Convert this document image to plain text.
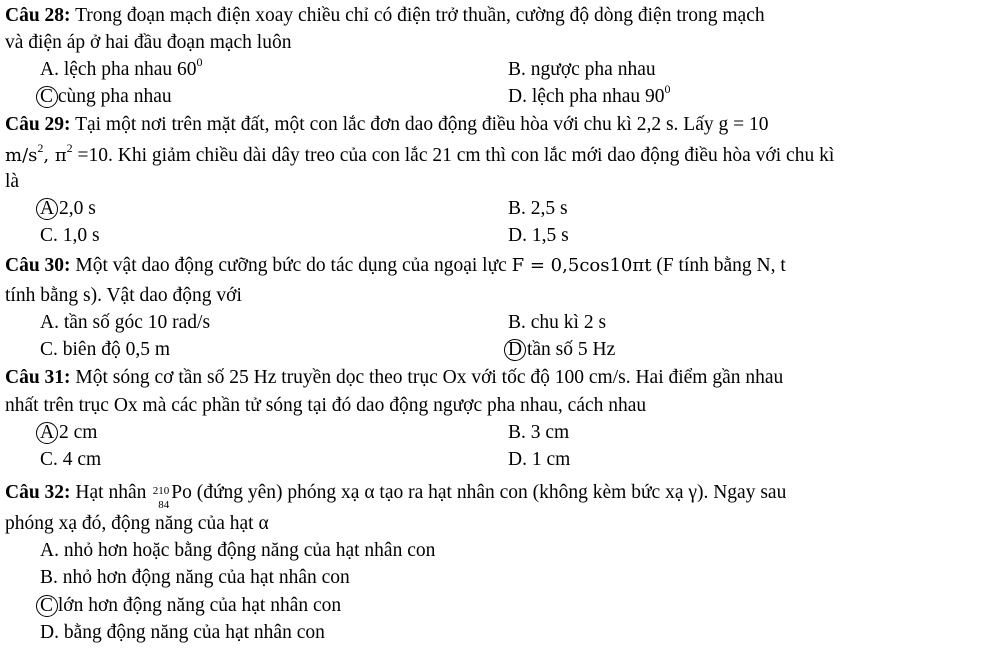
Câu 28: Trong đoạn mạch điện xoay chiều chỉ có điện trở thuần, cường độ dòng điện trong mạch
và điện áp ở hai đầu đoạn mạch luôn
A. lệch pha nhau $60^0$	B. ngược pha nhau
C cùng pha nhau	D. lệch pha nhau $90^0$
Câu 29: Tại một nơi trên mặt đất, một con lắc đơn dao động điều hòa với chu kì 2,2 s. Lấy g = 10
$m/s^2$, $\pi^2 =10$. Khi giảm chiều dài dây treo của con lắc 21 cm thì con lắc mới dao động điều hòa với chu kì
là
A 2,0 s	B. 2,5 s
C. 1,0 s	D. 1,5 s
Câu 30: Một vật dao động cưỡng bức do tác dụng của ngoại lực F = 0,5cos10πt (F tính bằng N, t
tính bằng s). Vật dao động với
A. tần số góc 10 rad/s	B. chu kì 2 s
C. biên độ 0,5 m	D tần số 5 Hz
Câu 31: Một sóng cơ tần số 25 Hz truyền dọc theo trục Ox với tốc độ 100 cm/s. Hai điểm gần nhau
nhất trên trục Ox mà các phần tử sóng tại đó dao động ngược pha nhau, cách nhau
A 2 cm	B. 3 cm
C. 4 cm	D. 1 cm
Câu 32: Hạt nhân 210
84
Po (đứng yên) phóng xạ α tạo ra hạt nhân con (không kèm bức xạ γ). Ngay sau
phóng xạ đó, động năng của hạt α
A. nhỏ hơn hoặc bằng động năng của hạt nhân con
B. nhỏ hơn động năng của hạt nhân con
C lớn hơn động năng của hạt nhân con
D. bằng động năng của hạt nhân con
